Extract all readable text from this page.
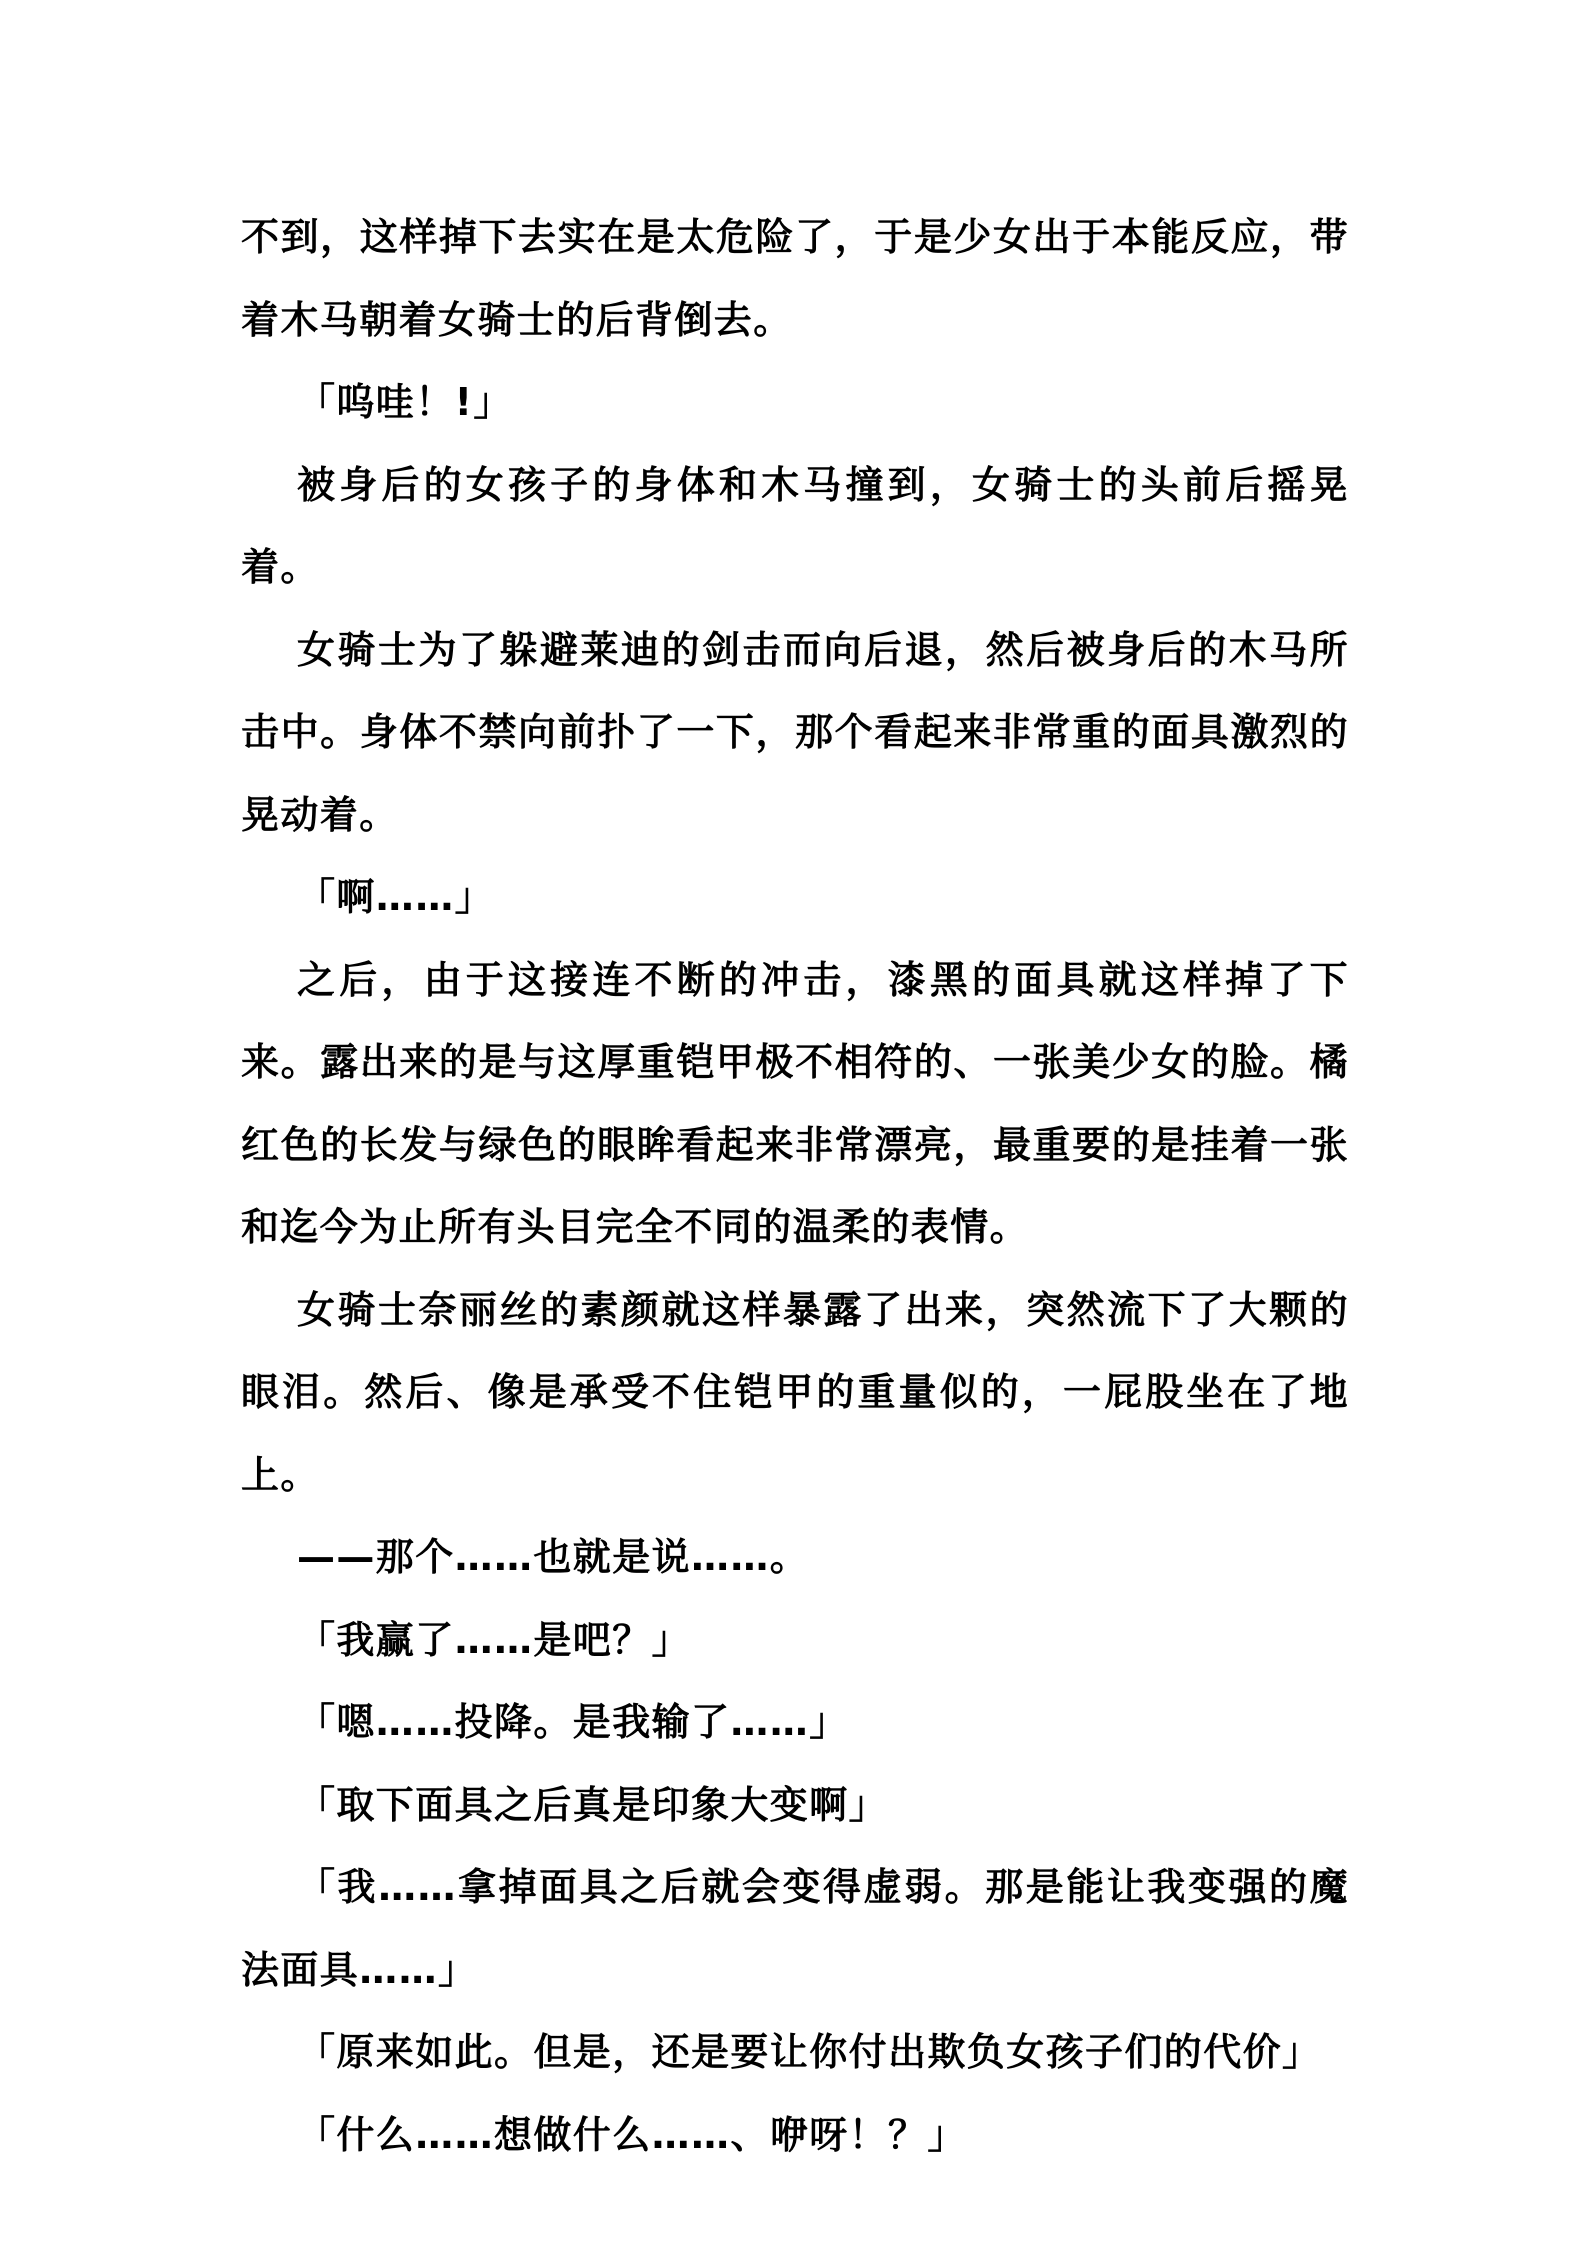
不到，这样掉下去实在是太危险了，于是少女出于本能反应，带着木马朝着女骑士的后背倒去。

「呜哇！!」

被身后的女孩子的身体和木马撞到，女骑士的头前后摇晃着。

女骑士为了躲避莱迪的剑击而向后退，然后被身后的木马所击中。身体不禁向前扑了一下，那个看起来非常重的面具激烈的晃动着。

「啊……」

之后，由于这接连不断的冲击，漆黑的面具就这样掉了下来。露出来的是与这厚重铠甲极不相符的、一张美少女的脸。橘红色的长发与绿色的眼眸看起来非常漂亮，最重要的是挂着一张和迄今为止所有头目完全不同的温柔的表情。

女骑士奈丽丝的素颜就这样暴露了出来，突然流下了大颗的眼泪。然后、像是承受不住铠甲的重量似的，一屁股坐在了地上。

——那个……也就是说……。

「我赢了……是吧？」

「嗯……投降。是我输了……」

「取下面具之后真是印象大变啊」

「我……拿掉面具之后就会变得虚弱。那是能让我变强的魔法面具……」

「原来如此。但是，还是要让你付出欺负女孩子们的代价」

「什么……想做什么……、咿呀！？」
